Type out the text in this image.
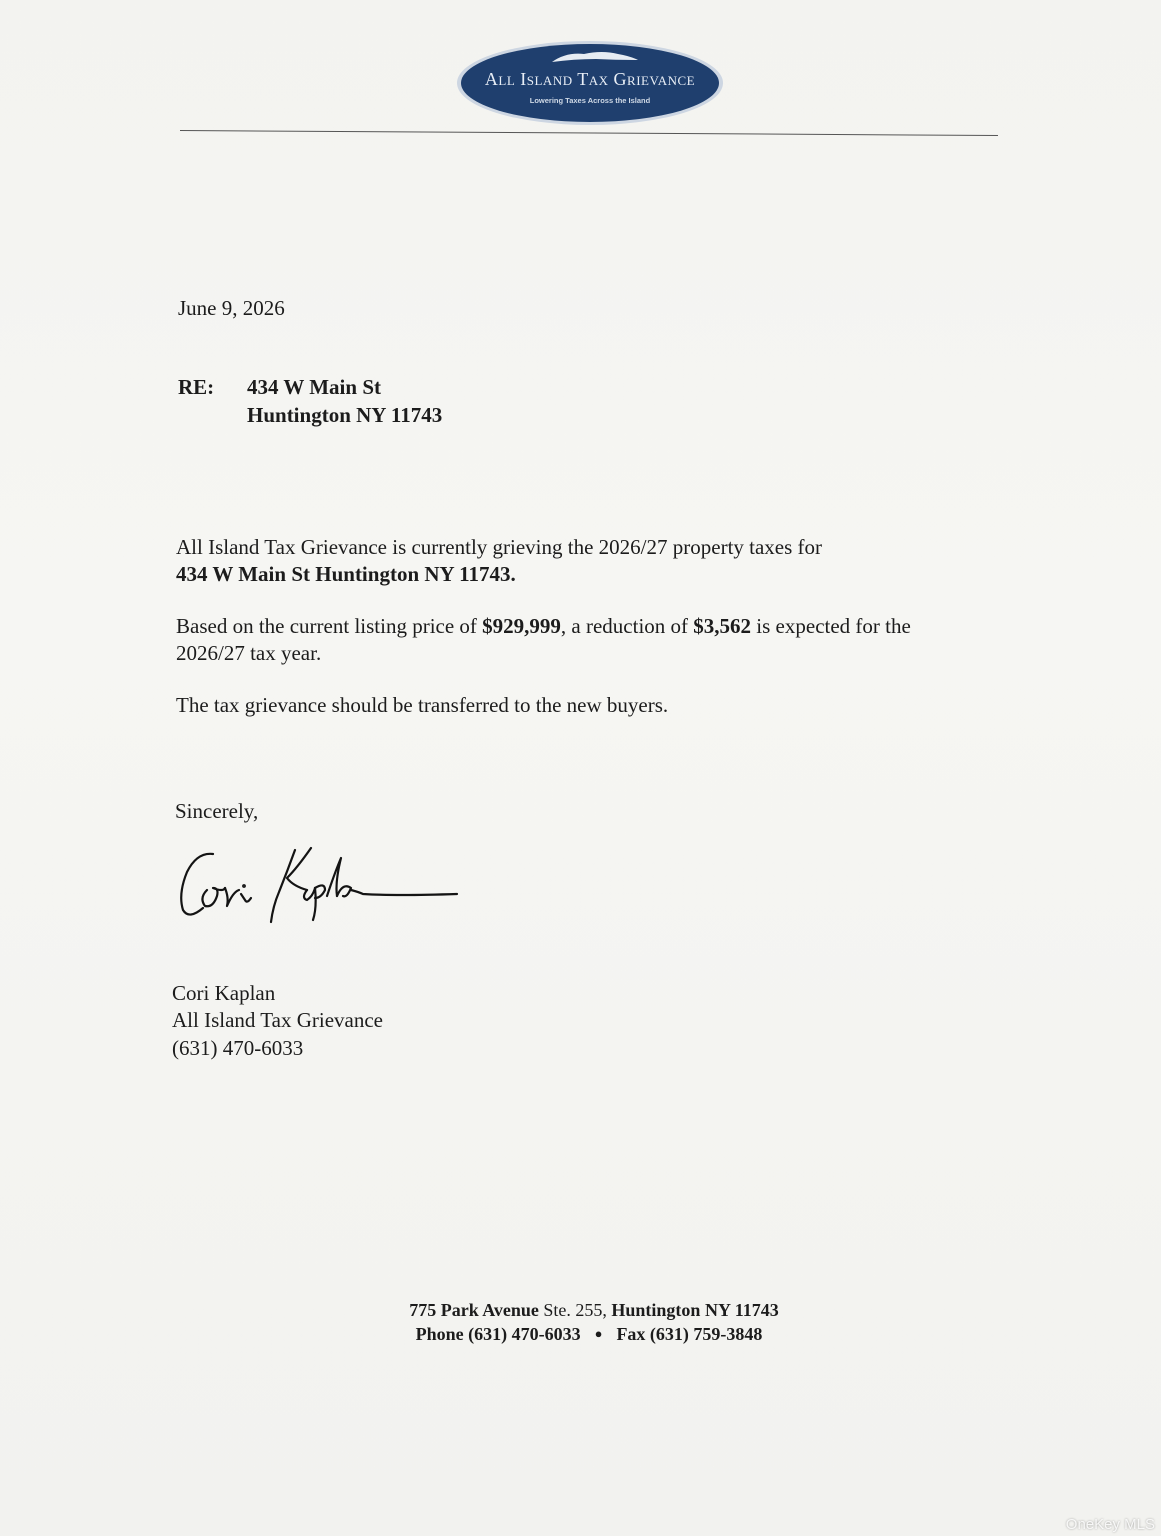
All Island Tax Grievance
Lowering Taxes Across the Island
June 9, 2026
RE: 434 W Main St
Huntington NY 11743
All Island Tax Grievance is currently grieving the 2026/27 property taxes for
434 W Main St Huntington NY 11743.
Based on the current listing price of $929,999, a reduction of $3,562 is expected for the
2026/27 tax year.
The tax grievance should be transferred to the new buyers.
Sincerely,
Cori Kaplan
All Island Tax Grievance
(631) 470-6033
775 Park Avenue Ste. 255, Huntington NY 11743
Phone (631) 470-6033 ● Fax (631) 759-3848
OneKey MLS
